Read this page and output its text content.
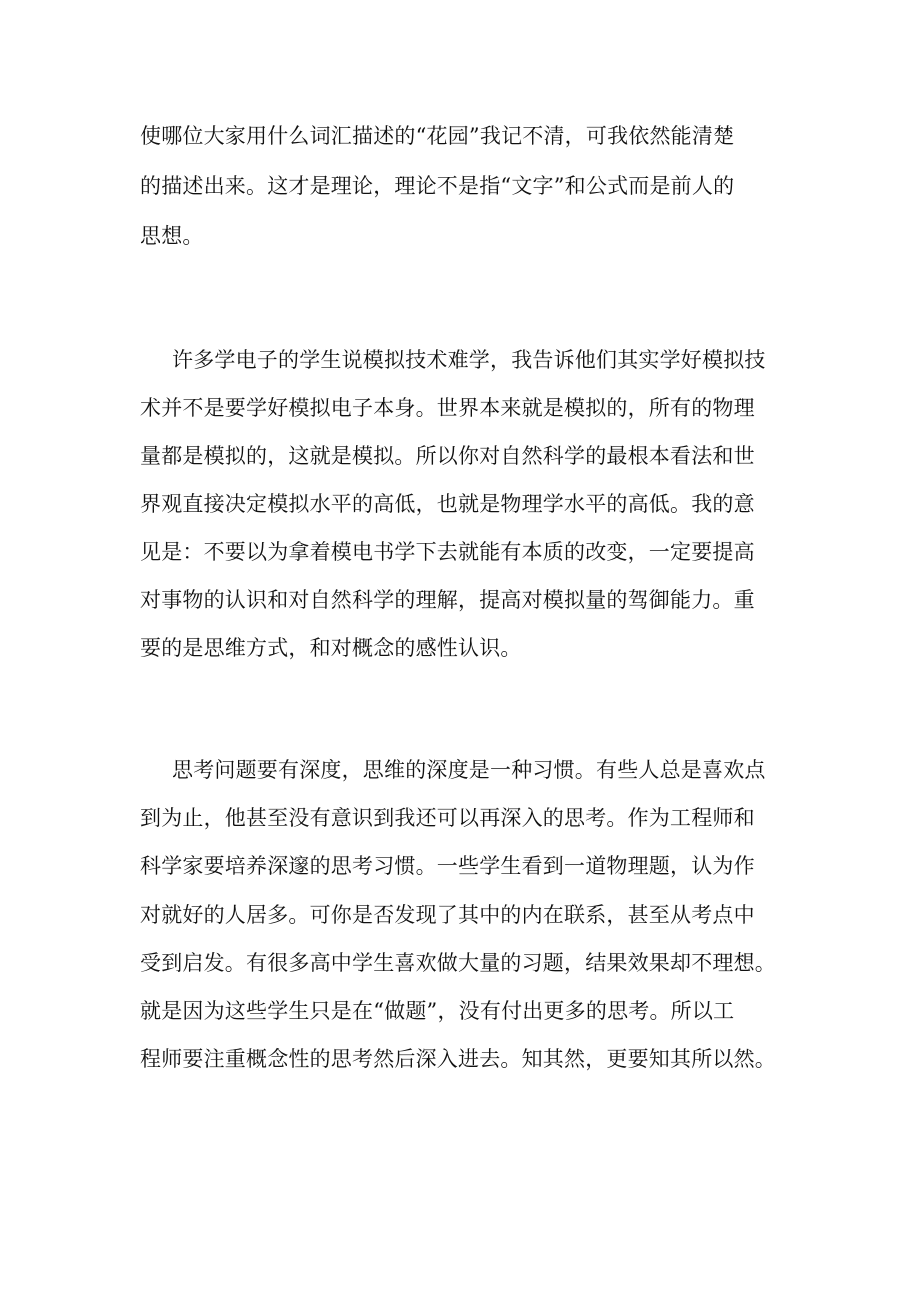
使哪位大家用什么词汇描述的“花园”我记不清，可我依然能清楚
的描述出来。这才是理论，理论不是指“文字”和公式而是前人的
思想。
许多学电子的学生说模拟技术难学，我告诉他们其实学好模拟技
术并不是要学好模拟电子本身。世界本来就是模拟的，所有的物理
量都是模拟的，这就是模拟。所以你对自然科学的最根本看法和世
界观直接决定模拟水平的高低，也就是物理学水平的高低。我的意
见是：不要以为拿着模电书学下去就能有本质的改变，一定要提高
对事物的认识和对自然科学的理解，提高对模拟量的驾御能力。重
要的是思维方式，和对概念的感性认识。
思考问题要有深度，思维的深度是一种习惯。有些人总是喜欢点
到为止，他甚至没有意识到我还可以再深入的思考。作为工程师和
科学家要培养深邃的思考习惯。一些学生看到一道物理题，认为作
对就好的人居多。可你是否发现了其中的内在联系，甚至从考点中
受到启发。有很多高中学生喜欢做大量的习题，结果效果却不理想。
就是因为这些学生只是在“做题”，没有付出更多的思考。所以工
程师要注重概念性的思考然后深入进去。知其然，更要知其所以然。
